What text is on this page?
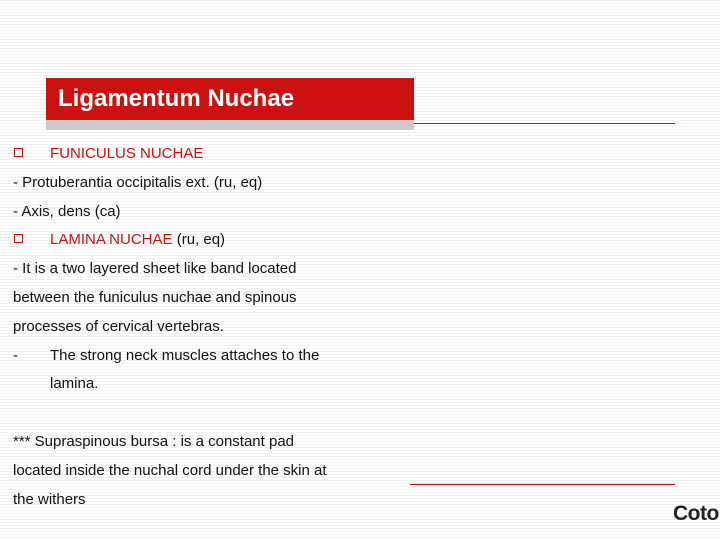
Ligamentum Nuchae
FUNICULUS NUCHAE
- Protuberantia occipitalis ext. (ru, eq)
- Axis, dens (ca)
LAMINA NUCHAE (ru, eq)
- It is a two layered sheet like band located
between the funiculus nuchae and spinous
processes of cervical vertebras.
- The strong neck muscles attaches to the
lamina.
*** Supraspinous bursa : is a constant pad
located inside the nuchal cord under the skin at
the withers
Coto
